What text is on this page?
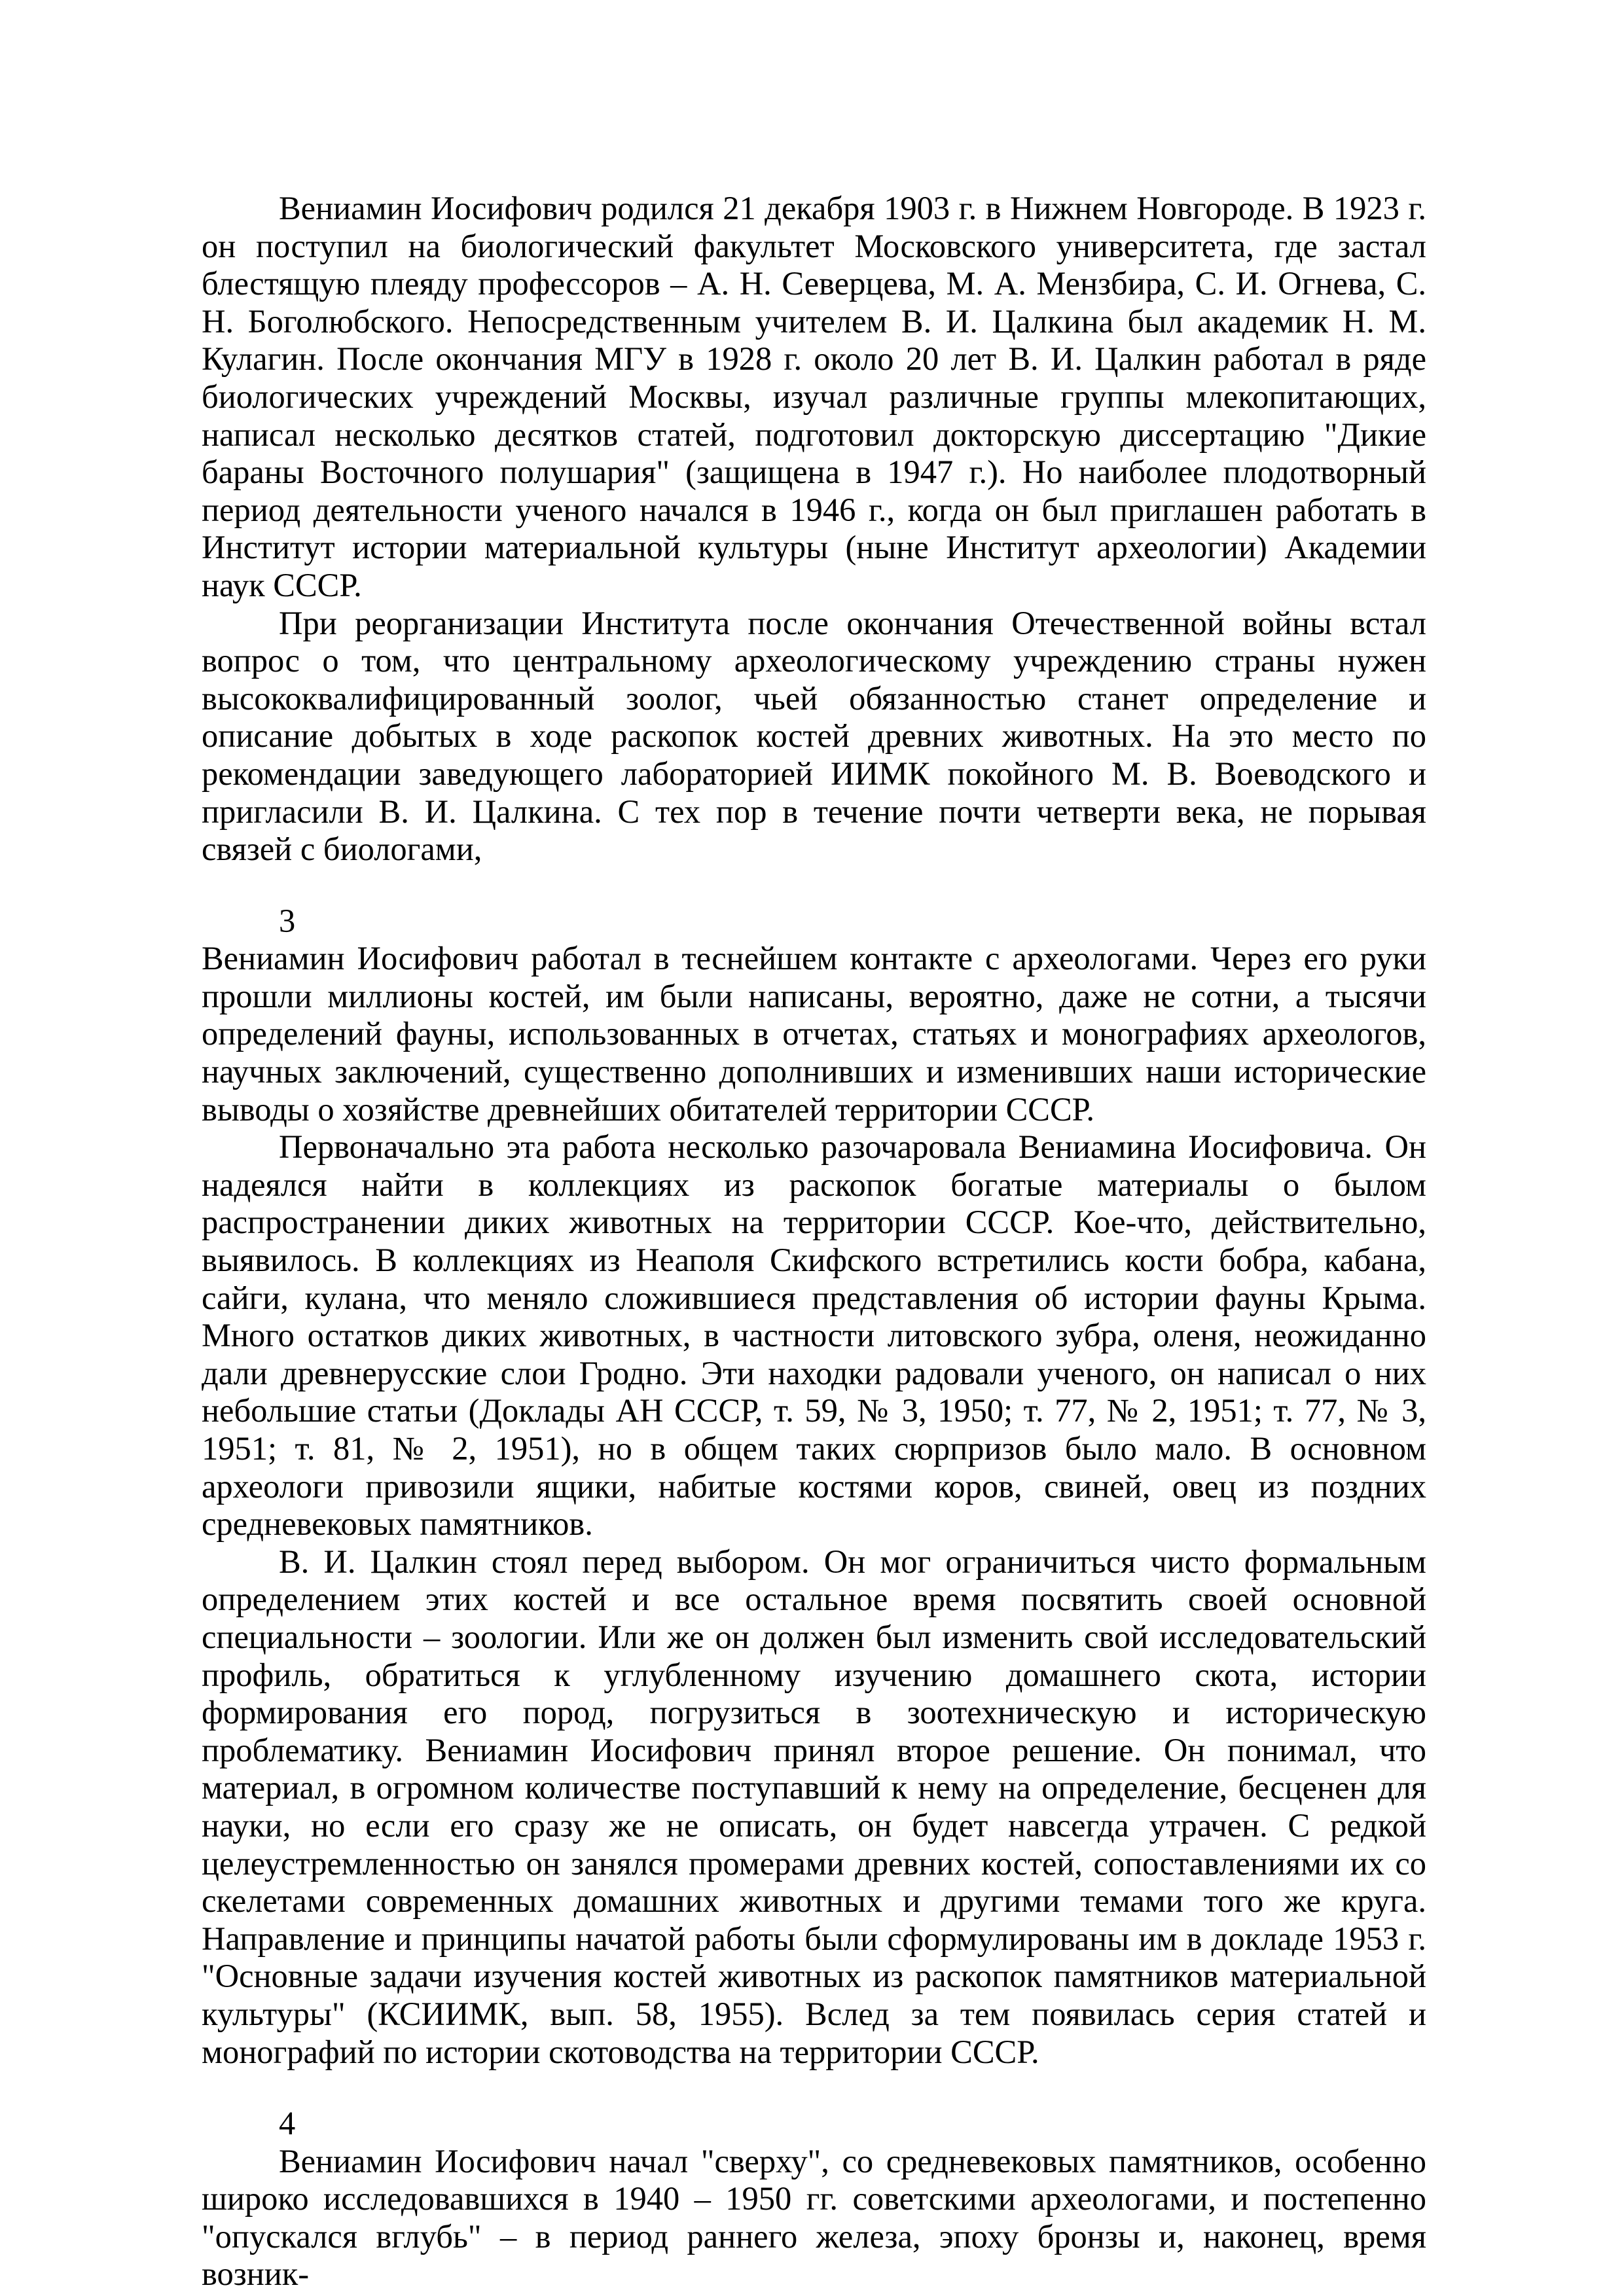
Вениамин Иосифович родился 21 декабря 1903 г. в Нижнем Новгороде. В 1923 г. он поступил на биологический факультет Московского университета, где застал блестящую плеяду профессоров – А. Н. Северцева, М. А. Мензбира, С. И. Огнева, С. Н. Боголюбского. Непосредственным учителем В. И. Цалкина был академик Н. М. Кулагин. После окончания МГУ в 1928 г. около 20 лет В. И. Цалкин работал в ряде биологических учреждений Москвы, изучал различные группы млекопитающих, написал несколько десятков статей, подготовил докторскую диссертацию "Дикие бараны Восточного полушария" (защищена в 1947 г.). Но наиболее плодотворный период деятельности ученого начался в 1946 г., когда он был приглашен работать в Институт истории материальной культуры (ныне Институт археологии) Академии наук СССР.

При реорганизации Института после окончания Отечественной войны встал вопрос о том, что центральному археологическому учреждению страны нужен высококвалифицированный зоолог, чьей обязанностью станет определение и описание добытых в ходе раскопок костей древних животных. На это место по рекомендации заведующего лабораторией ИИМК покойного М. В. Воеводского и пригласили В. И. Цалкина. С тех пор в течение почти четверти века, не порывая связей с биологами,

3

Вениамин Иосифович работал в теснейшем контакте с археологами. Через его руки прошли миллионы костей, им были написаны, вероятно, даже не сотни, а тысячи определений фауны, использованных в отчетах, статьях и монографиях археологов, научных заключений, существенно дополнивших и изменивших наши исторические выводы о хозяйстве древнейших обитателей территории СССР.

Первоначально эта работа несколько разочаровала Вениамина Иосифовича. Он надеялся найти в коллекциях из раскопок богатые материалы о былом распространении диких животных на территории СССР. Кое-что, действительно, выявилось. В коллекциях из Неаполя Скифского встретились кости бобра, кабана, сайги, кулана, что меняло сложившиеся представления об истории фауны Крыма. Много остатков диких животных, в частности литовского зубра, оленя, неожиданно дали древнерусские слои Гродно. Эти находки радовали ученого, он написал о них небольшие статьи (Доклады АН СССР, т. 59, № 3, 1950; т. 77, № 2, 1951; т. 77, № 3, 1951; т. 81, № 2, 1951), но в общем таких сюрпризов было мало. В основном археологи привозили ящики, набитые костями коров, свиней, овец из поздних средневековых памятников.

В. И. Цалкин стоял перед выбором. Он мог ограничиться чисто формальным определением этих костей и все остальное время посвятить своей основной специальности – зоологии. Или же он должен был изменить свой исследовательский профиль, обратиться к углубленному изучению домашнего скота, истории формирования его пород, погрузиться в зоотехническую и историческую проблематику. Вениамин Иосифович принял второе решение. Он понимал, что материал, в огромном количестве поступавший к нему на определение, бесценен для науки, но если его сразу же не описать, он будет навсегда утрачен. С редкой целеустремленностью он занялся промерами древних костей, сопоставлениями их со скелетами современных домашних животных и другими темами того же круга. Направление и принципы начатой работы были сформулированы им в докладе 1953 г. "Основные задачи изучения костей животных из раскопок памятников материальной культуры" (КСИИМК, вып. 58, 1955). Вслед за тем появилась серия статей и монографий по истории скотоводства на территории СССР.

4

Вениамин Иосифович начал "сверху", со средневековых памятников, особенно широко исследовавшихся в 1940 – 1950 гг. советскими археологами, и постепенно "опускался вглубь" – в период раннего железа, эпоху бронзы и, наконец, время возник-
